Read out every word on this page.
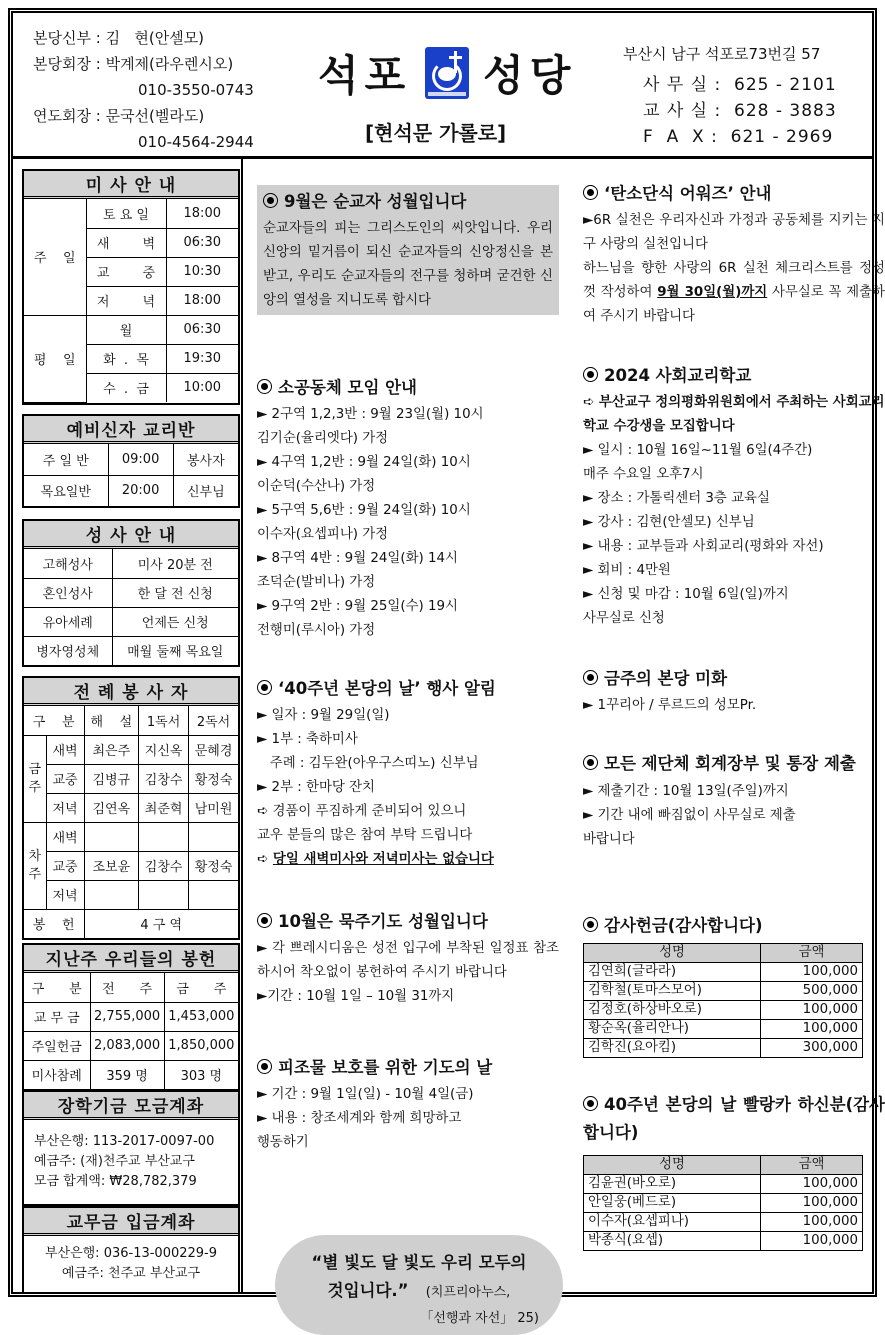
본당신부 : 김   현(안셀모)
본당회장 : 박계제(라우렌시오)
010-3550-0743
연도회장 : 문국선(벨라도)
010-4564-2944
석포 성당
[현석문 가롤로]
부산시 남구 석포로73번길 57
사 무 실 : 625 - 2101
교 사 실 : 628 - 3883
F  A  X : 621 - 2969
미 사 안 내
주    일	토 요 일	18:00
	새        벽	06:30
	교        중	10:30
	저        녁	18:00
평    일	월	06:30
	화  .  목	19:30
	수  .  금	10:00
예비신자 교리반
주 일 반	09:00	봉사자
목요일반	20:00	신부님
성 사 안 내
고해성사	미사 20분 전
혼인성사	한 달 전 신청
유아세례	언제든 신청
병자영성체	매월 둘째 목요일
전 례 봉 사 자
구    분		해    설	1독서	2독서
금주	새벽	최은주	지신옥	문혜경
	교중	김병규	김창수	황정숙
	저녁	김연옥	최준혁	남미원
차주	새벽			
	교중	조보윤	김창수	황정숙
	저녁			
봉    헌		4 구 역		
지난주 우리들의 봉헌
구      분	전      주	금      주
교 무 금	2,755,000	1,453,000
주일헌금	2,083,000	1,850,000
미사참례	359 명	303 명
장학기금 모금계좌
부산은행: 113-2017-0097-00
예금주: (재)천주교 부산교구
모금 합계액: ₩28,782,379
교무금 입금계좌
부산은행: 036-13-000229-9
예금주: 천주교 부산교구
9월은 순교자 성월입니다
순교자들의 피는 그리스도인의 씨앗입니다. 우리 신앙의 밑거름이 되신 순교자들의 신앙정신을 본받고, 우리도 순교자들의 전구를 청하며 굳건한 신앙의 열성을 지니도록 합시다
소공동체 모임 안내
► 2구역 1,2,3반 : 9월 23일(월) 10시
김기순(율리엣다) 가정
► 4구역 1,2반 : 9월 24일(화) 10시
이순덕(수산나) 가정
► 5구역 5,6반 : 9월 24일(화) 10시
이수자(요셉피나) 가정
► 8구역 4반 : 9월 24일(화) 14시
조덕순(발비나) 가정
► 9구역 2반 : 9월 25일(수) 19시
전행미(루시아) 가정
‘40주년 본당의 날’ 행사 알림
► 일자 : 9월 29일(일)
► 1부 : 축하미사
주례 : 김두완(아우구스띠노) 신부님
► 2부 : 한마당 잔치
➪ 경품이 푸짐하게 준비되어 있으니
교우 분들의 많은 참여 부탁 드립니다
➪ 당일 새벽미사와 저녁미사는 없습니다
10월은 묵주기도 성월입니다
► 각 쁘레시디움은 성전 입구에 부착된 일정표 참조하시어 착오없이 봉헌하여 주시기 바랍니다
►기간 : 10월 1일 – 10월 31까지
피조물 보호를 위한 기도의 날
► 기간 : 9월 1일(일) - 10월 4일(금)
► 내용 : 창조세계와 함께 희망하고
행동하기
“별 빛도 달 빛도 우리 모두의
것입니다.” (치프리아누스,
「선행과 자선」 25)
‘탄소단식 어워즈’ 안내
►6R 실천은 우리자신과 가정과 공동체를 지키는 지구 사랑의 실천입니다
하느님을 향한 사랑의 6R 실천 체크리스트를 정성껏 작성하여 9월 30일(월)까지 사무실로 꼭 제출하여 주시기 바랍니다
2024 사회교리학교
➪ 부산교구 정의평화위원회에서 주최하는 사회교리학교 수강생을 모집합니다
► 일시 : 10월 16일~11월 6일(4주간)
매주 수요일 오후7시
► 장소 : 가톨릭센터 3층 교육실
► 강사 : 김현(안셀모) 신부님
► 내용 : 교부들과 사회교리(평화와 자선)
► 회비 : 4만원
► 신청 및 마감 : 10월 6일(일)까지
사무실로 신청
금주의 본당 미화
► 1꾸리아 / 루르드의 성모Pr.
모든 제단체 회계장부 및 통장 제출
► 제출기간 : 10월 13일(주일)까지
► 기간 내에 빠짐없이 사무실로 제출
바랍니다
감사헌금(감사합니다)
성명	금액
김연희(글라라)	100,000
김학철(토마스모어)	500,000
김정호(하상바오로)	100,000
황순옥(율리안나)	100,000
김학진(요아킴)	300,000
40주년 본당의 날 빨랑카 하신분(감사합니다)
성명	금액
김윤권(바오로)	100,000
안일웅(베드로)	100,000
이수자(요셉피나)	100,000
박종식(요셉)	100,000
